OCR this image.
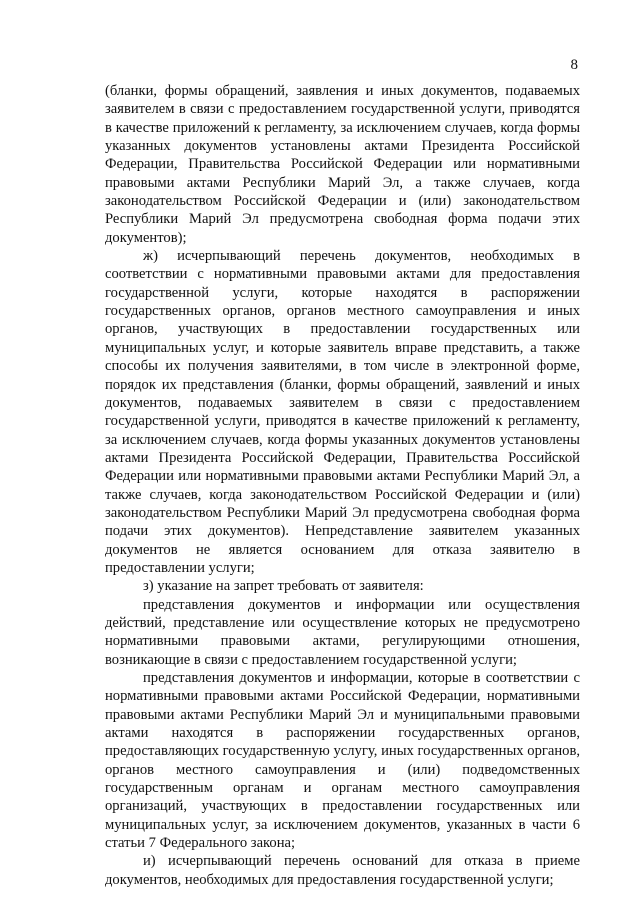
8

(бланки, формы обращений, заявления и иных документов, подаваемых заявителем в связи с предоставлением государственной услуги, приводятся в качестве приложений к регламенту, за исключением случаев, когда формы указанных документов установлены актами Президента Российской Федерации, Правительства Российской Федерации или нормативными правовыми актами Республики Марий Эл, а также случаев, когда законодательством Российской Федерации и (или) законодательством Республики Марий Эл предусмотрена свободная форма подачи этих документов);

ж) исчерпывающий перечень документов, необходимых в соответствии с нормативными правовыми актами для предоставления государственной услуги, которые находятся в распоряжении государственных органов, органов местного самоуправления и иных органов, участвующих в предоставлении государственных или муниципальных услуг, и которые заявитель вправе представить, а также способы их получения заявителями, в том числе в электронной форме, порядок их представления (бланки, формы обращений, заявлений и иных документов, подаваемых заявителем в связи с предоставлением государственной услуги, приводятся в качестве приложений к регламенту, за исключением случаев, когда формы указанных документов установлены актами Президента Российской Федерации, Правительства Российской Федерации или нормативными правовыми актами Республики Марий Эл, а также случаев, когда законодательством Российской Федерации и (или) законодательством Республики Марий Эл предусмотрена свободная форма подачи этих документов). Непредставление заявителем указанных документов не является основанием для отказа заявителю в предоставлении услуги;

з) указание на запрет требовать от заявителя:

представления документов и информации или осуществления действий, представление или осуществление которых не предусмотрено нормативными правовыми актами, регулирующими отношения, возникающие в связи с предоставлением государственной услуги;

представления документов и информации, которые в соответствии с нормативными правовыми актами Российской Федерации, нормативными правовыми актами Республики Марий Эл и муниципальными правовыми актами находятся в распоряжении государственных органов, предоставляющих государственную услугу, иных государственных органов, органов местного самоуправления и (или) подведомственных государственным органам и органам местного самоуправления организаций, участвующих в предоставлении государственных или муниципальных услуг, за исключением документов, указанных в части 6 статьи 7 Федерального закона;

и) исчерпывающий перечень оснований для отказа в приеме документов, необходимых для предоставления государственной услуги;
